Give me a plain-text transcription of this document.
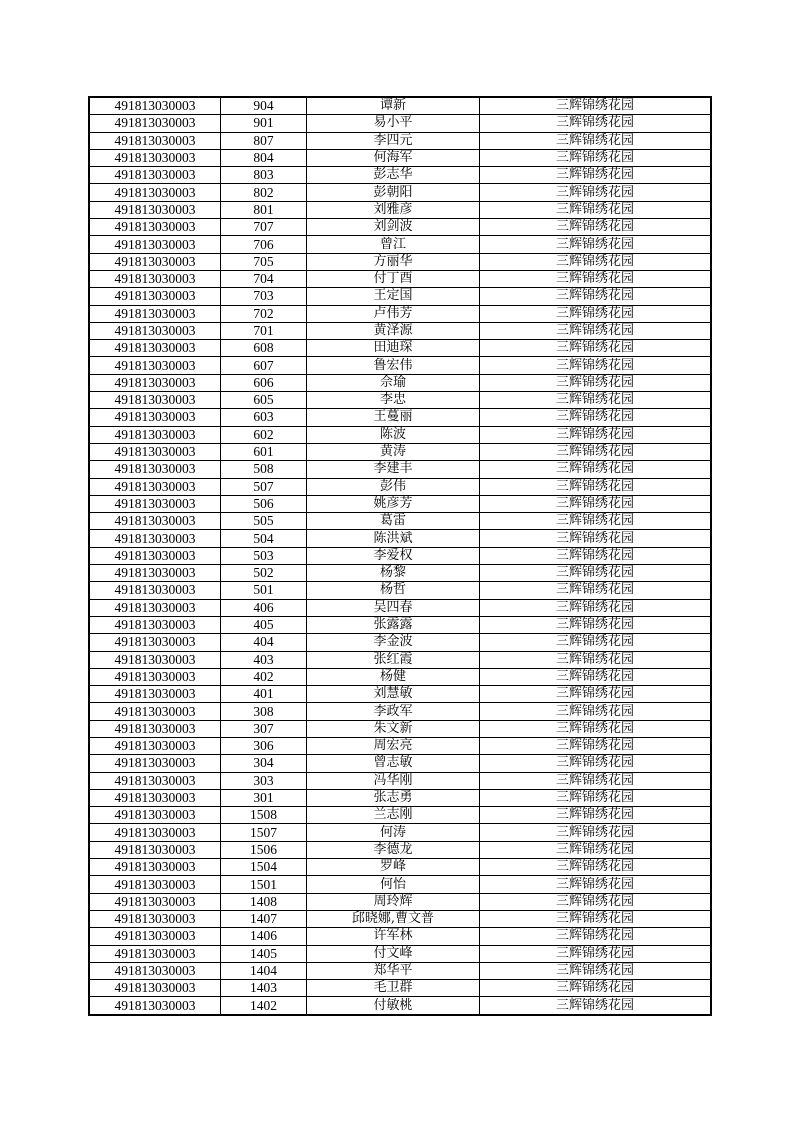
491813030003	904	谭新	三辉锦绣花园
491813030003	901	易小平	三辉锦绣花园
491813030003	807	李四元	三辉锦绣花园
491813030003	804	何海军	三辉锦绣花园
491813030003	803	彭志华	三辉锦绣花园
491813030003	802	彭朝阳	三辉锦绣花园
491813030003	801	刘雅彦	三辉锦绣花园
491813030003	707	刘剑波	三辉锦绣花园
491813030003	706	曾江	三辉锦绣花园
491813030003	705	方丽华	三辉锦绣花园
491813030003	704	付丁酉	三辉锦绣花园
491813030003	703	王定国	三辉锦绣花园
491813030003	702	卢伟芳	三辉锦绣花园
491813030003	701	黄泽源	三辉锦绣花园
491813030003	608	田迪琛	三辉锦绣花园
491813030003	607	鲁宏伟	三辉锦绣花园
491813030003	606	佘瑜	三辉锦绣花园
491813030003	605	李忠	三辉锦绣花园
491813030003	603	王蔓丽	三辉锦绣花园
491813030003	602	陈波	三辉锦绣花园
491813030003	601	黄涛	三辉锦绣花园
491813030003	508	李建丰	三辉锦绣花园
491813030003	507	彭伟	三辉锦绣花园
491813030003	506	姚彦芳	三辉锦绣花园
491813030003	505	葛雷	三辉锦绣花园
491813030003	504	陈洪斌	三辉锦绣花园
491813030003	503	李爱权	三辉锦绣花园
491813030003	502	杨黎	三辉锦绣花园
491813030003	501	杨哲	三辉锦绣花园
491813030003	406	吴四春	三辉锦绣花园
491813030003	405	张露露	三辉锦绣花园
491813030003	404	李金波	三辉锦绣花园
491813030003	403	张红霞	三辉锦绣花园
491813030003	402	杨健	三辉锦绣花园
491813030003	401	刘慧敏	三辉锦绣花园
491813030003	308	李政军	三辉锦绣花园
491813030003	307	朱文新	三辉锦绣花园
491813030003	306	周宏亮	三辉锦绣花园
491813030003	304	曾志敏	三辉锦绣花园
491813030003	303	冯华刚	三辉锦绣花园
491813030003	301	张志勇	三辉锦绣花园
491813030003	1508	兰志刚	三辉锦绣花园
491813030003	1507	何涛	三辉锦绣花园
491813030003	1506	李德龙	三辉锦绣花园
491813030003	1504	罗峰	三辉锦绣花园
491813030003	1501	何怡	三辉锦绣花园
491813030003	1408	周玲辉	三辉锦绣花园
491813030003	1407	邱晓娜,曹文普	三辉锦绣花园
491813030003	1406	许军林	三辉锦绣花园
491813030003	1405	付文峰	三辉锦绣花园
491813030003	1404	郑华平	三辉锦绣花园
491813030003	1403	毛卫群	三辉锦绣花园
491813030003	1402	付敏桃	三辉锦绣花园
